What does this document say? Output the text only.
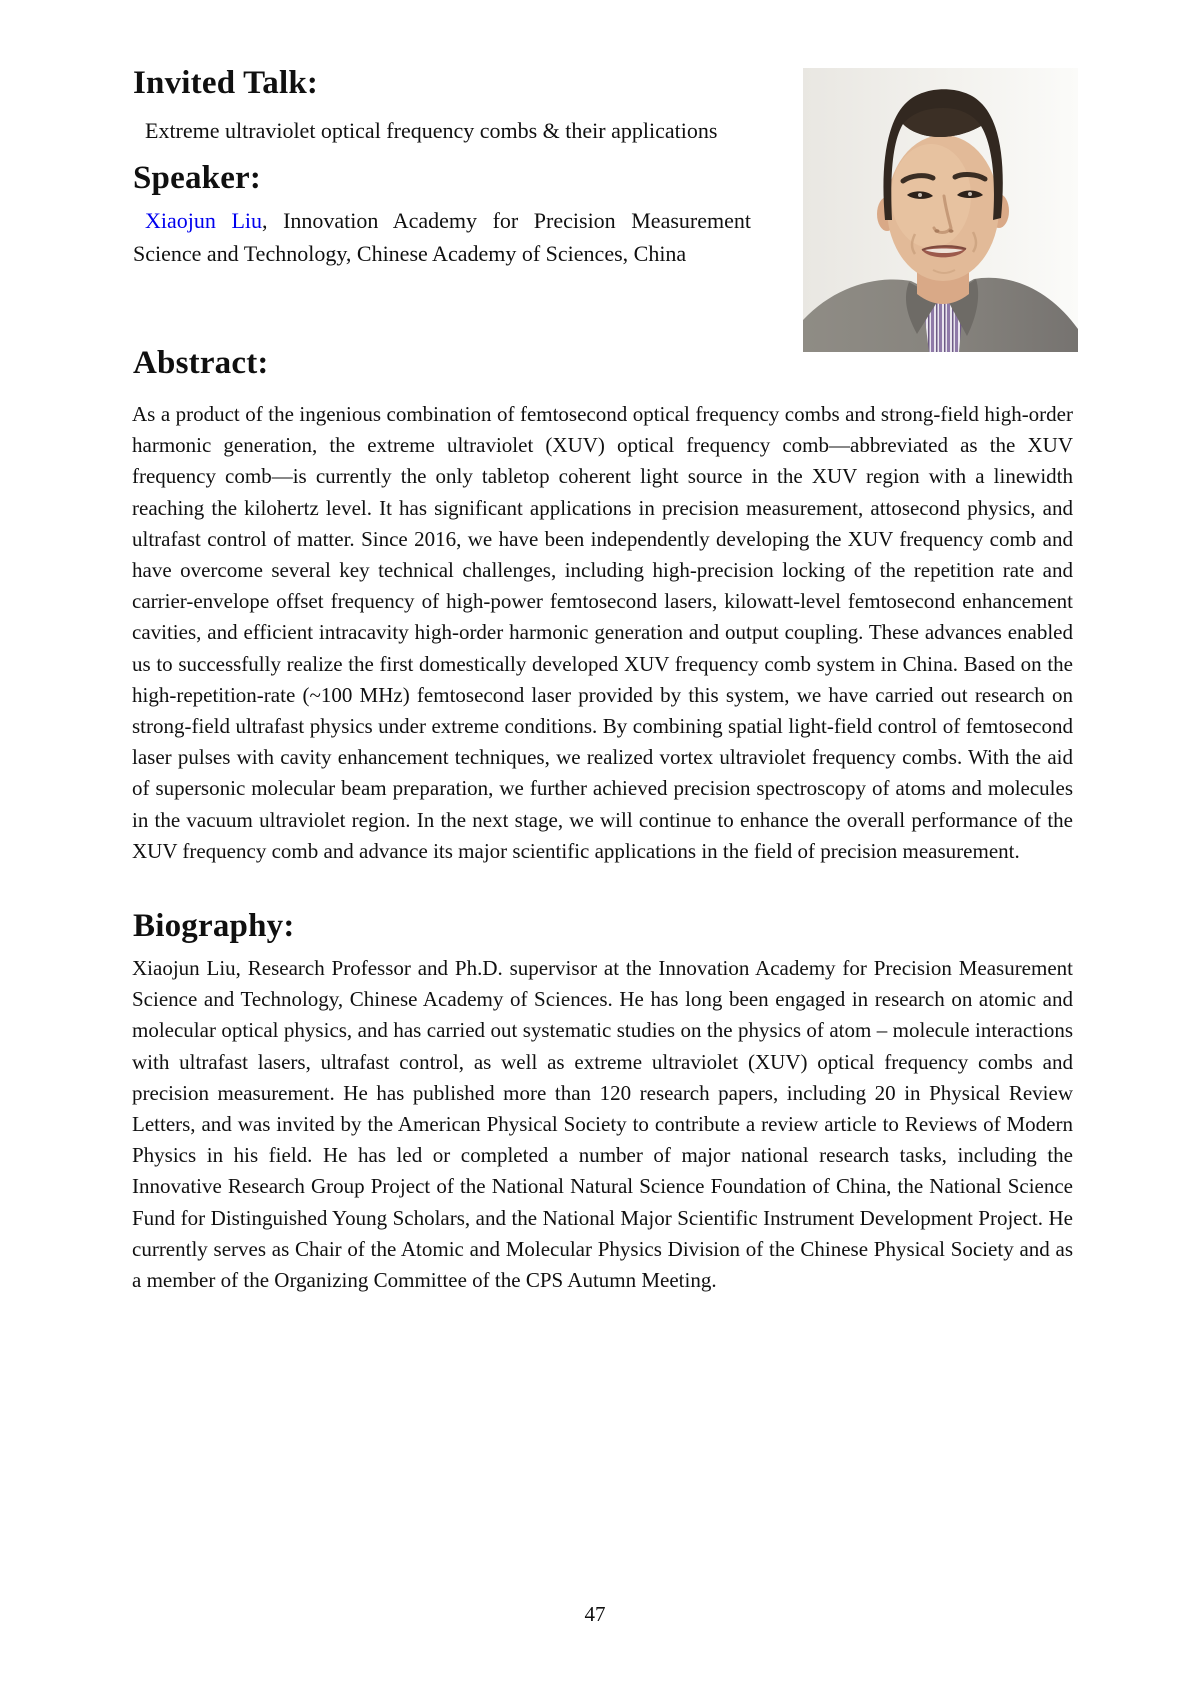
Invited Talk:
Extreme ultraviolet optical frequency combs & their applications
Speaker:
Xiaojun Liu, Innovation Academy for Precision Measurement Science and Technology, Chinese Academy of Sciences, China
Abstract:
As a product of the ingenious combination of femtosecond optical frequency combs and strong-field high-order harmonic generation, the extreme ultraviolet (XUV) optical frequency comb—abbreviated as the XUV frequency comb—is currently the only tabletop coherent light source in the XUV region with a linewidth reaching the kilohertz level. It has significant applications in precision measurement, attosecond physics, and ultrafast control of matter. Since 2016, we have been independently developing the XUV frequency comb and have overcome several key technical challenges, including high-precision locking of the repetition rate and carrier-envelope offset frequency of high-power femtosecond lasers, kilowatt-level femtosecond enhancement cavities, and efficient intracavity high-order harmonic generation and output coupling. These advances enabled us to successfully realize the first domestically developed XUV frequency comb system in China. Based on the high-repetition-rate (~100 MHz) femtosecond laser provided by this system, we have carried out research on strong-field ultrafast physics under extreme conditions. By combining spatial light-field control of femtosecond laser pulses with cavity enhancement techniques, we realized vortex ultraviolet frequency combs. With the aid of supersonic molecular beam preparation, we further achieved precision spectroscopy of atoms and molecules in the vacuum ultraviolet region. In the next stage, we will continue to enhance the overall performance of the XUV frequency comb and advance its major scientific applications in the field of precision measurement.
Biography:
Xiaojun Liu, Research Professor and Ph.D. supervisor at the Innovation Academy for Precision Measurement Science and Technology, Chinese Academy of Sciences. He has long been engaged in research on atomic and molecular optical physics, and has carried out systematic studies on the physics of atom – molecule interactions with ultrafast lasers, ultrafast control, as well as extreme ultraviolet (XUV) optical frequency combs and precision measurement. He has published more than 120 research papers, including 20 in Physical Review Letters, and was invited by the American Physical Society to contribute a review article to Reviews of Modern Physics in his field. He has led or completed a number of major national research tasks, including the Innovative Research Group Project of the National Natural Science Foundation of China, the National Science Fund for Distinguished Young Scholars, and the National Major Scientific Instrument Development Project. He currently serves as Chair of the Atomic and Molecular Physics Division of the Chinese Physical Society and as a member of the Organizing Committee of the CPS Autumn Meeting.
47
